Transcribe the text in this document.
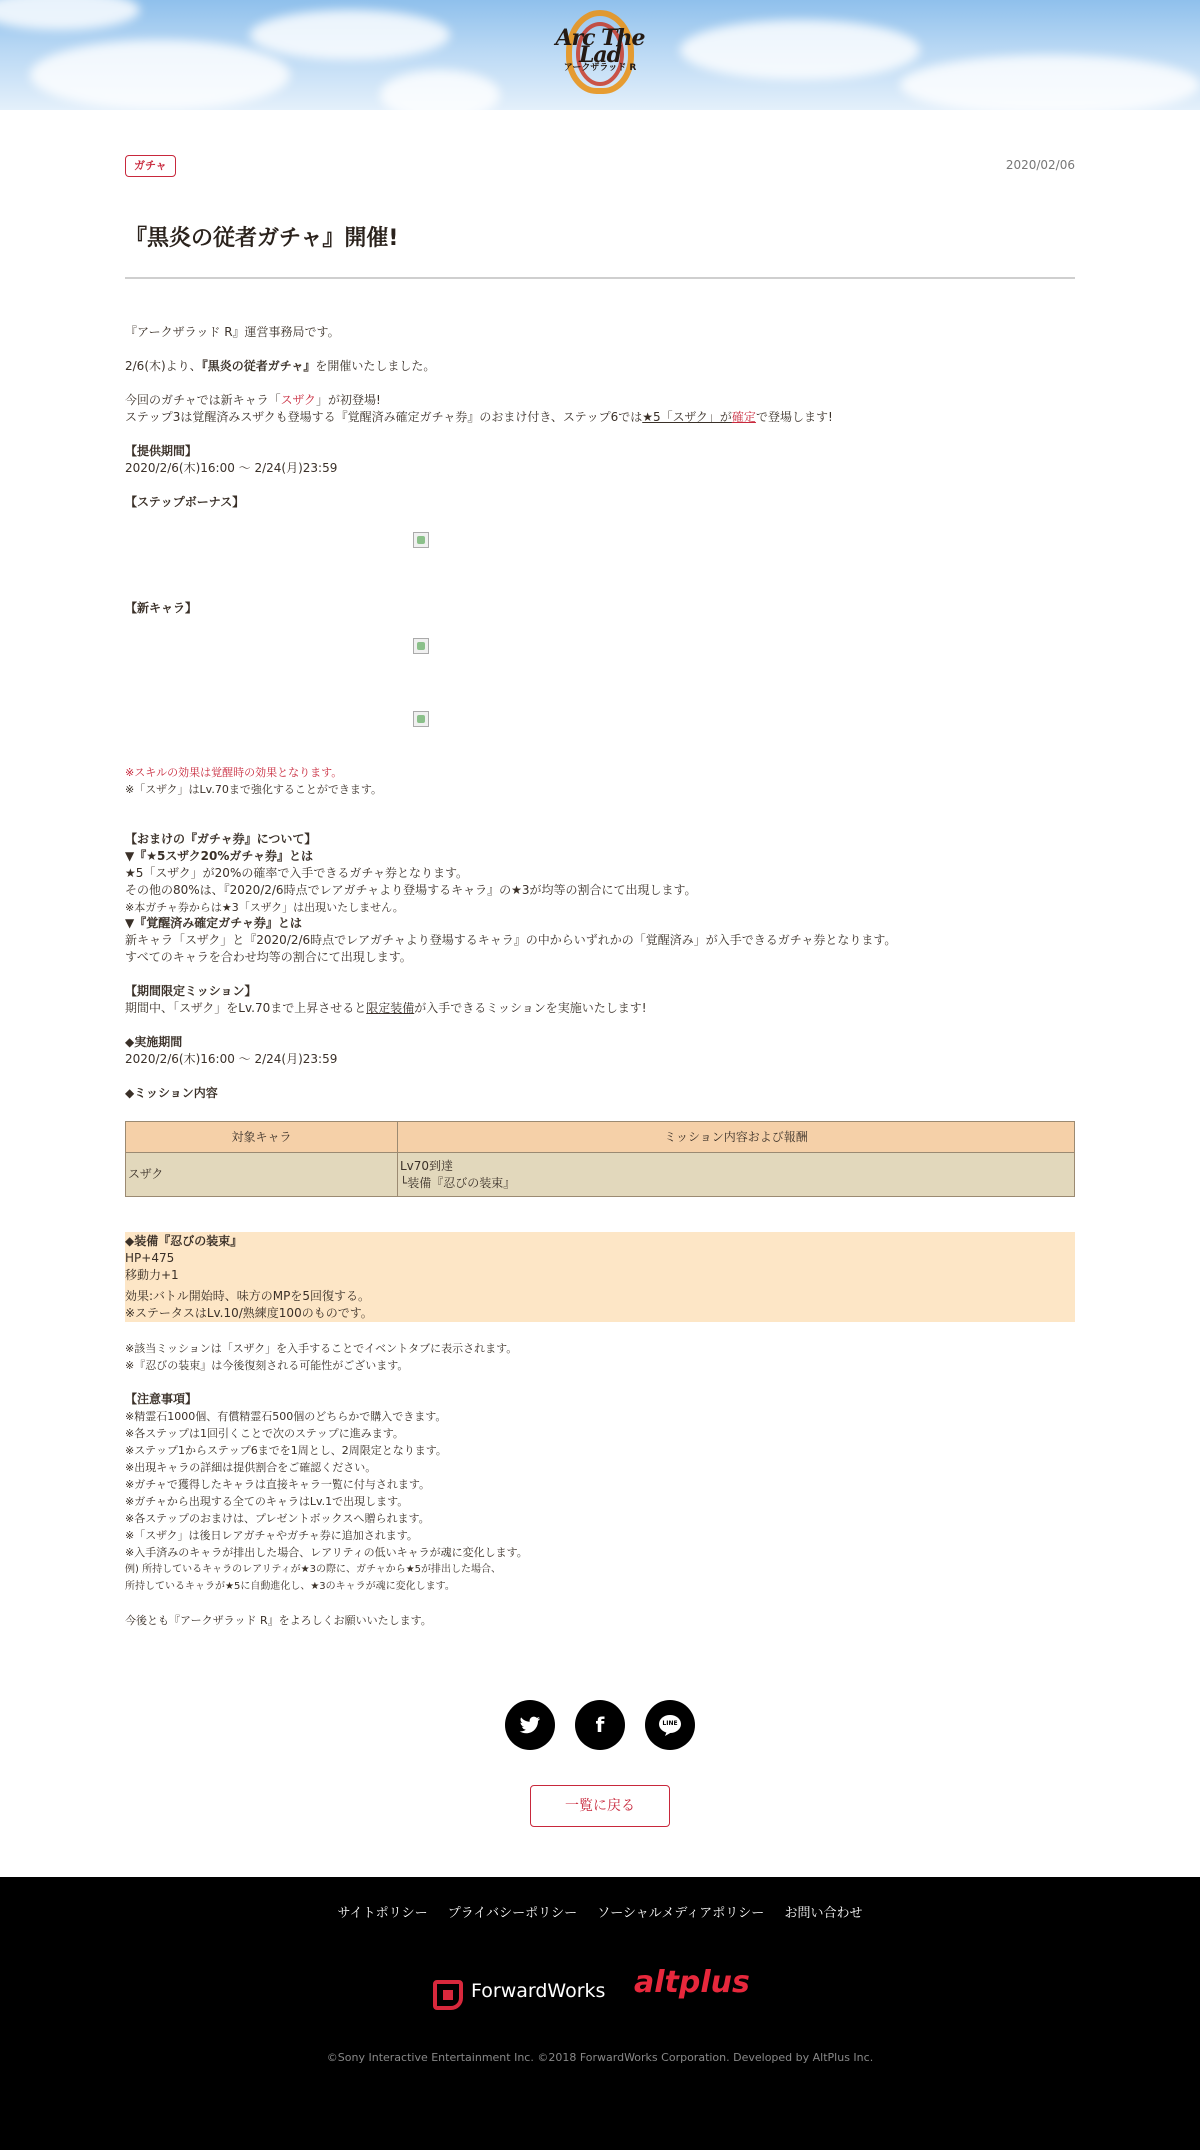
Arc The Lad
アークザラッド R
ガチャ	2020/02/06
『黒炎の従者ガチャ』開催!
『アークザラッド R』運営事務局です。
2/6(木)より、『黒炎の従者ガチャ』を開催いたしました。
今回のガチャでは新キャラ「スザク」が初登場!
ステップ3は覚醒済みスザクも登場する『覚醒済み確定ガチャ券』のおまけ付き、ステップ6では★5「スザク」が確定で登場します!
【提供期間】
2020/2/6(木)16:00 〜 2/24(月)23:59
【ステップボーナス】
【新キャラ】
※スキルの効果は覚醒時の効果となります。
※「スザク」はLv.70まで強化することができます。
【おまけの『ガチャ券』について】
▼『★5スザク20%ガチャ券』とは
★5「スザク」が20%の確率で入手できるガチャ券となります。
その他の80%は、『2020/2/6時点でレアガチャより登場するキャラ』の★3が均等の割合にて出現します。
※本ガチャ券からは★3「スザク」は出現いたしません。
▼『覚醒済み確定ガチャ券』とは
新キャラ「スザク」と『2020/2/6時点でレアガチャより登場するキャラ』の中からいずれかの「覚醒済み」が入手できるガチャ券となります。
すべてのキャラを合わせ均等の割合にて出現します。
【期間限定ミッション】
期間中、「スザク」をLv.70まで上昇させると限定装備が入手できるミッションを実施いたします!
◆実施期間
2020/2/6(木)16:00 〜 2/24(月)23:59
◆ミッション内容
対象キャラ	ミッション内容および報酬
スザク	Lv70到達
└装備『忍びの装束』
◆装備『忍びの装束』
HP+475
移動力+1
効果:バトル開始時、味方のMPを5回復する。
※ステータスはLv.10/熟練度100のものです。
※該当ミッションは「スザク」を入手することでイベントタブに表示されます。
※『忍びの装束』は今後復刻される可能性がございます。
【注意事項】
※精霊石1000個、有償精霊石500個のどちらかで購入できます。
※各ステップは1回引くことで次のステップに進みます。
※ステップ1からステップ6までを1周とし、2周限定となります。
※出現キャラの詳細は提供割合をご確認ください。
※ガチャで獲得したキャラは直接キャラ一覧に付与されます。
※ガチャから出現する全てのキャラはLv.1で出現します。
※各ステップのおまけは、プレゼントボックスへ贈られます。
※「スザク」は後日レアガチャやガチャ券に追加されます。
※入手済みのキャラが排出した場合、レアリティの低いキャラが魂に変化します。
例) 所持しているキャラのレアリティが★3の際に、ガチャから★5が排出した場合、
所持しているキャラが★5に自動進化し、★3のキャラが魂に変化します。
今後とも『アークザラッド R』をよろしくお願いいたします。
f	LINE
一覧に戻る
サイトポリシー プライバシーポリシー ソーシャルメディアポリシー お問い合わせ
ForwardWorks altplus
©Sony Interactive Entertainment Inc. ©2018 ForwardWorks Corporation. Developed by AltPlus Inc.
